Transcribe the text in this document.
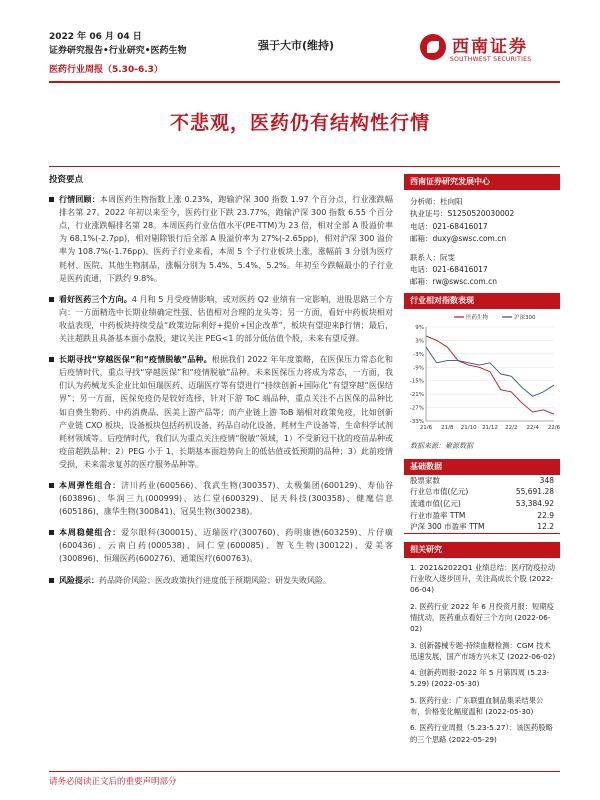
2022 年 06 月 04 日
证券研究报告•行业研究•医药生物
医药行业周报（5.30-6.3）
强于大市(维持)	西南证券
SOUTHWEST SECURITIES
不悲观，医药仍有结构性行情
投资要点
行情回顾：本周医药生物指数上涨 0.23%，跑输沪深 300 指数 1.97 个百分点，行业涨跌幅排名第 27。2022 年初以来至今，医药行业下跌 23.77%，跑输沪深 300 指数 6.55 个百分点，行业涨跌幅排名第 28。本周医药行业估值水平(PE-TTM)为 23 倍，相对全部 A 股溢价率为 68.1%(-2.7pp)，相对剔除银行后全部 A 股溢价率为 27%(-2.65pp)，相对沪深 300 溢价率为 108.7%(-1.76pp)。医药子行业来看，本周 5 个子行业板块上涨，涨幅前 3 分别为医疗耗材、医院、其他生物制品，涨幅分别为 5.4%、5.4%、5.2%。年初至今跌幅最小的子行业是医药流通，下跌约 9.8%。
看好医药三个方向。4 月和 5 月受疫情影响，或对医药 Q2 业绩有一定影响，进股思路三个方向：一方面精选中长期业绩确定性强、估值相对合理的龙头等；另一方面，看好中药板块相对收益表现，中药板块持续受益“政策边际利好+提价+国企改革”，板块有望迎来β行情；最后，关注超跌且具备基本面小盘股，建议关注 PEG<1 的部分低估值个股，未来有望反弹。
长期寻找“穿越医保”和“疫情脱敏”品种。根据我们 2022 年年度策略，在医保压力常态化和后疫情时代，重点寻找“穿越医保”和“疫情脱敏”品种。未来医保压力将成为常态，一方面，我们认为药械龙头企业比如恒瑞医药、迈瑞医疗等有望进行“持续创新+国际化”有望穿越“医保结界”；另一方面，医保免疫仍是较好选择，针对下游 ToC 端品种，重点关注不占医保的品种比如自费生物药、中药消费品、医美上游产品等；而产业链上游 ToB 端相对政策免疫，比如创新产业链 CXO 板块，设备板块包括药机设备、药品自动化设备、耗材生产设备等，生命科学试剂耗材领域等。后疫情时代，我们认为重点关注疫情“脱敏”领域，1）不受新冠干扰的疫苗品种或疫苗超跌品种；2）PEG 小于 1，长期基本面趋势向上的低估值或低预期的品种；3）此前疫情受损，未来需求复苏的医疗服务品种等。
本周弹性组合：济川药业(600566)、我武生物(300357)、太极集团(600129)、寿仙谷(603896)、华润三九(000999)、达仁堂(600329)、昆天科技(300358)、健麾信息(605186)、康华生物(300841)、冠昊生物(300238)。
本周稳健组合：爱尔眼科(300015)、迈瑞医疗(300760)、药明康德(603259)、片仔癀(600436)、云南白药(000538)、同仁堂(600085)、智飞生物(300122)、爱美客(300896)、恒瑞医药(600276)、通策医疗(600763)。
风险提示：药品降价风险；医改政策执行进度低于预期风险；研发失败风险。
西南证券研究发展中心
分析师：杜向阳
执业证号：S1250520030002
电话：021-68416017
邮箱：duxy@swsc.com.cn
联系人：阮雯
电话：021-68416017
邮箱：rw@swsc.com.cn
行业相对指数表现
9%
3%
-3%
-9%
-15%
-21%
-27%
-33%
21/6 21/8 21/10 21/12 22/2 22/4 22/6
医药生物	沪深300
数据来源：聚源数据
基础数据
股票家数	348
行业总市值(亿元)	55,691.28
流通市值(亿元)	53,384.92
行业市盈率 TTM	22.9
沪深 300 市盈率 TTM	12.2
相关研究
1. 2021&2022Q1 业绩总结：医疗防疫拉动行业收入逐步回升，关注高成长个股 (2022-06-04)
2. 医药行业 2022 年 6 月投资月报：短期疫情扰动，医药重点看好三个方向 (2022-06-02)
3. 创新器械专题-持续血糖检测：CGM 技术迅速发展，国产市场方兴未艾 (2022-06-02)
4. 创新药周报-2022 年 5 月第四周 (5.23-5.29) (2022-05-30)
5. 医药行业：广东联盟血制品集采结果公布，价格变化幅度温和 (2022-05-30)
6. 医药行业周报（5.23-5.27）：该医药股略的三个思路 (2022-05-29)
请务必阅读正文后的重要声明部分
